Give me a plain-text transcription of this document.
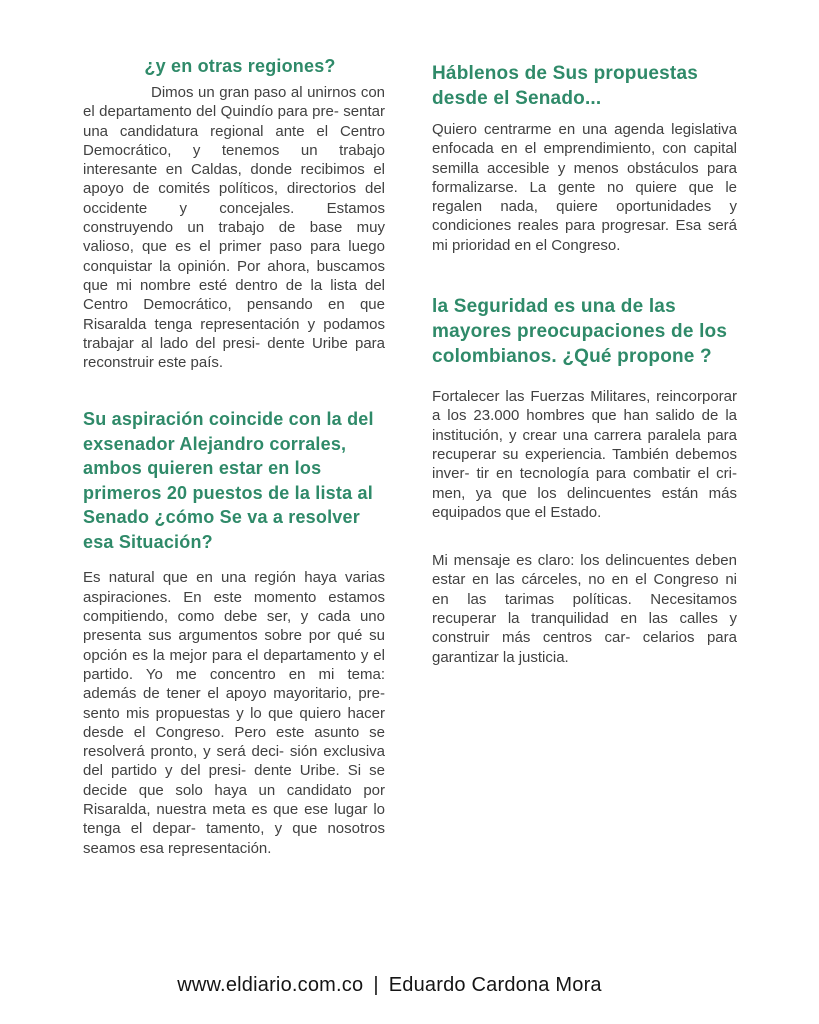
¿y en otras regiones?

Dimos un gran paso al unirnos con el departamento del Quindío para pre- sentar una candidatura regional ante el Centro Democrático, y tenemos un trabajo interesante en Caldas, donde recibimos el apoyo de comités políticos, directorios del occidente y concejales. Estamos construyendo un trabajo de base muy valioso, que es el primer paso para luego conquistar la opinión. Por ahora, buscamos que mi nombre esté dentro de la lista del Centro Democrático, pensando en que Risaralda tenga representación y podamos trabajar al lado del presi- dente Uribe para reconstruir este país.

Su aspiración coincide con la del exsenador Alejandro corrales, ambos quieren estar en los primeros 20 puestos de la lista al Senado ¿cómo Se va a resolver esa Situación?

Es natural que en una región haya varias aspiraciones. En este momento estamos compitiendo, como debe ser, y cada uno presenta sus argumentos sobre por qué su opción es la mejor para el departamento y el partido. Yo me concentro en mi tema: además de tener el apoyo mayoritario, pre- sento mis propuestas y lo que quiero hacer desde el Congreso. Pero este asunto se resolverá pronto, y será deci- sión exclusiva del partido y del presi- dente Uribe. Si se decide que solo haya un candidato por Risaralda, nuestra meta es que ese lugar lo tenga el depar- tamento, y que nosotros seamos esa representación.

Háblenos de Sus propuestas desde el Senado...

Quiero centrarme en una agenda legislativa enfocada en el emprendimiento, con capital semilla accesible y menos obstáculos para formalizarse. La gente no quiere que le regalen nada, quiere oportunidades y condiciones reales para progresar. Esa será mi prioridad en el Congreso.

la Seguridad es una de las mayores preocupaciones de los colombianos. ¿Qué propone ?

Fortalecer las Fuerzas Militares, reincorporar a los 23.000 hombres que han salido de la institución, y crear una carrera paralela para recuperar su experiencia. También debemos inver- tir en tecnología para combatir el cri- men, ya que los delincuentes están más equipados que el Estado.

Mi mensaje es claro: los delincuentes deben estar en las cárceles, no en el Congreso ni en las tarimas políticas. Necesitamos recuperar la tranquilidad en las calles y construir más centros car- celarios para garantizar la justicia.

www.eldiario.com.co | Eduardo Cardona Mora
